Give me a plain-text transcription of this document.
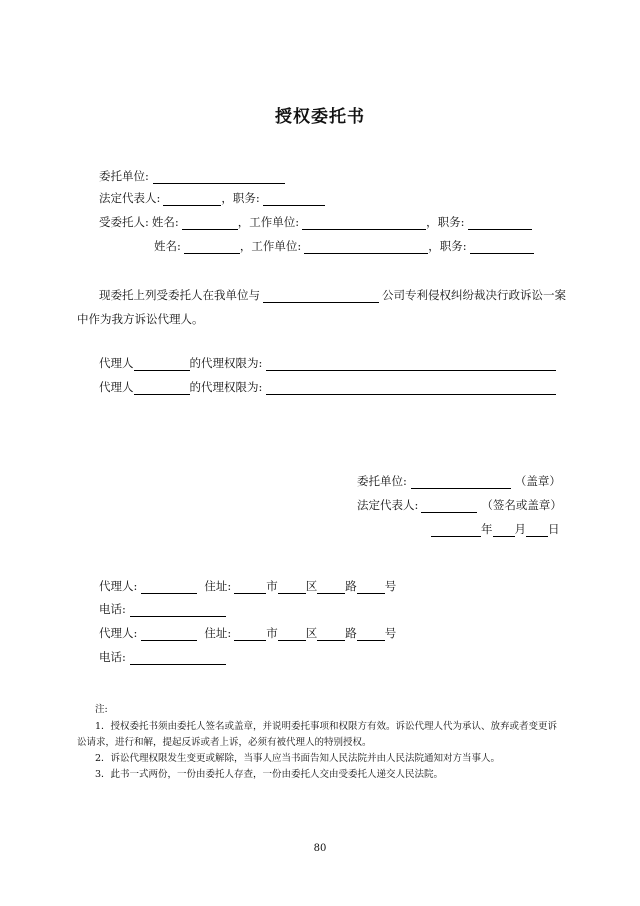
授权委托书
委托单位:
法定代表人:	，职务:
受委托人: 姓名:	，工作单位:	，职务:
姓名:	，工作单位:	，职务:
现委托上列受委托人在我单位与	公司专利侵权纠纷裁决行政诉讼一案
中作为我方诉讼代理人。
代理人	的代理权限为:
代理人	的代理权限为:
委托单位:	（盖章）
法定代表人:	（签名或盖章）
年 月 日
代理人:	住址:	市 区 路 号
电话:
代理人:	住址:	市 区 路 号
电话:
注:
1．授权委托书须由委托人签名或盖章，并说明委托事项和权限方有效。诉讼代理人代为承认、放弃或者变更诉
讼请求，进行和解，提起反诉或者上诉，必须有被代理人的特别授权。
2．诉讼代理权限发生变更或解除，当事人应当书面告知人民法院并由人民法院通知对方当事人。
3．此书一式两份，一份由委托人存查，一份由委托人交由受委托人递交人民法院。
80
